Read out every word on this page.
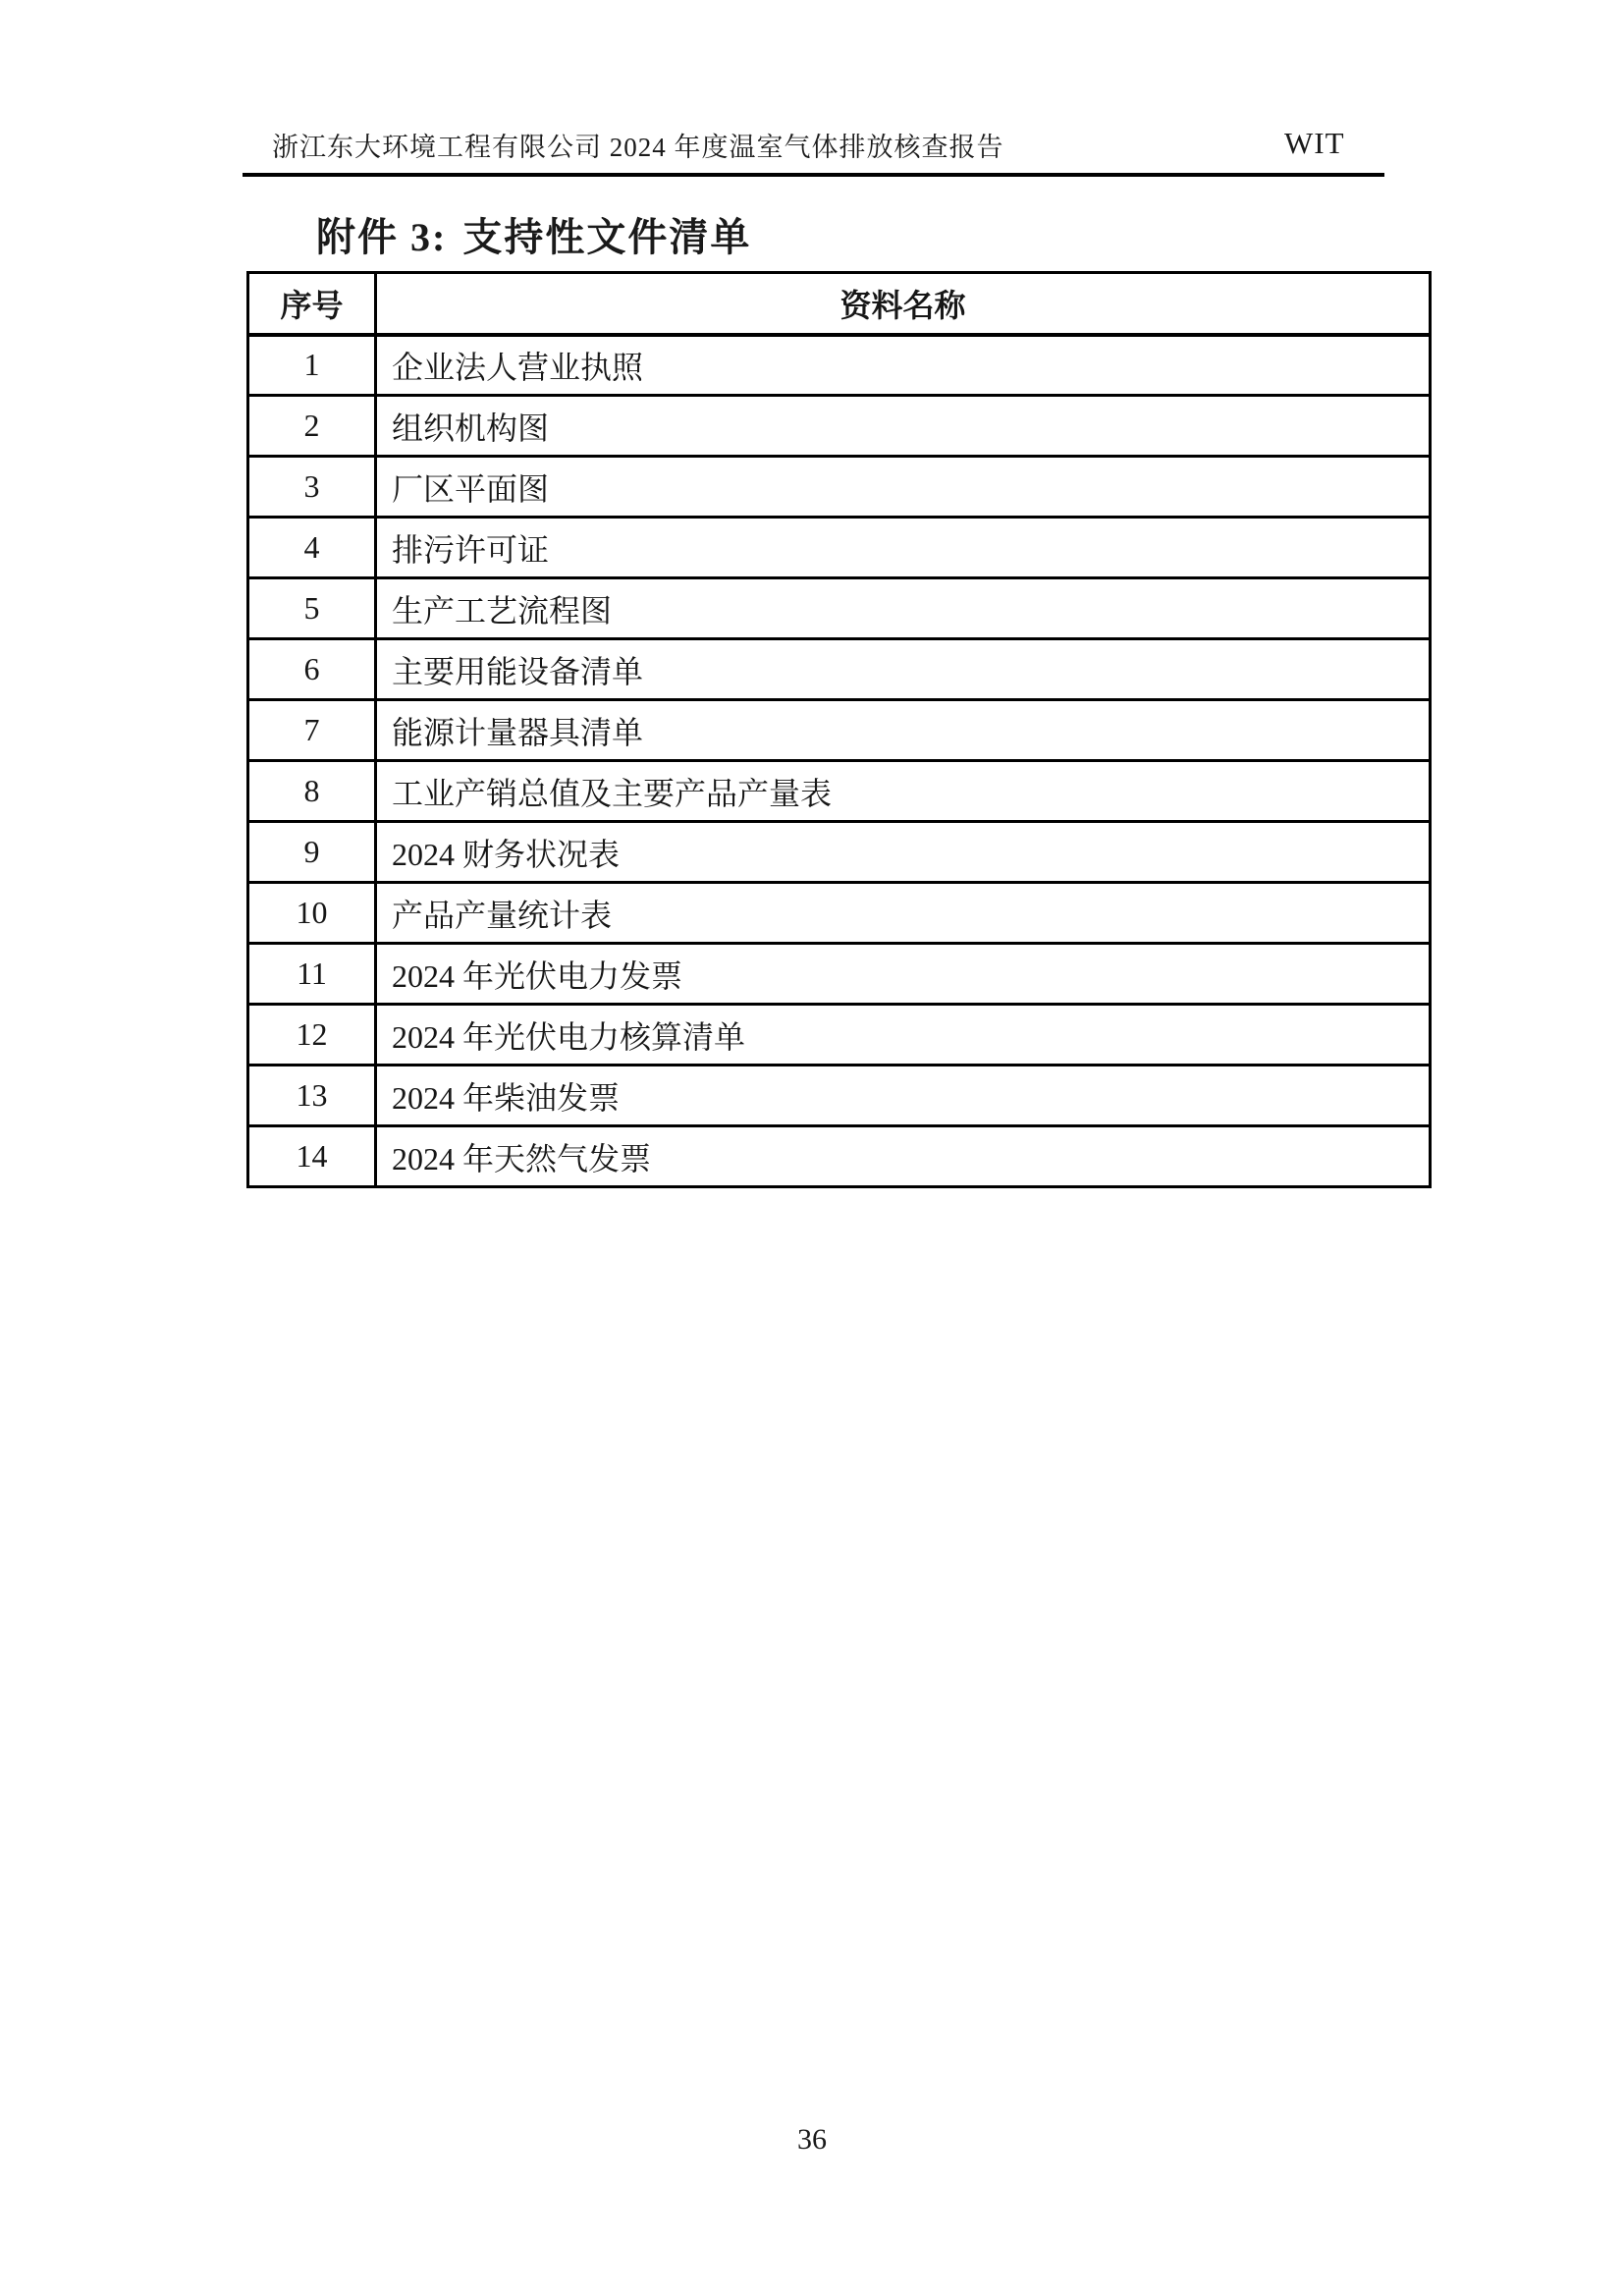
浙江东大环境工程有限公司 2024 年度温室气体排放核查报告	WIT
附件 3: 支持性文件清单
序号	资料名称
1	企业法人营业执照
2	组织机构图
3	厂区平面图
4	排污许可证
5	生产工艺流程图
6	主要用能设备清单
7	能源计量器具清单
8	工业产销总值及主要产品产量表
9	2024 财务状况表
10	产品产量统计表
11	2024 年光伏电力发票
12	2024 年光伏电力核算清单
13	2024 年柴油发票
14	2024 年天然气发票
36
